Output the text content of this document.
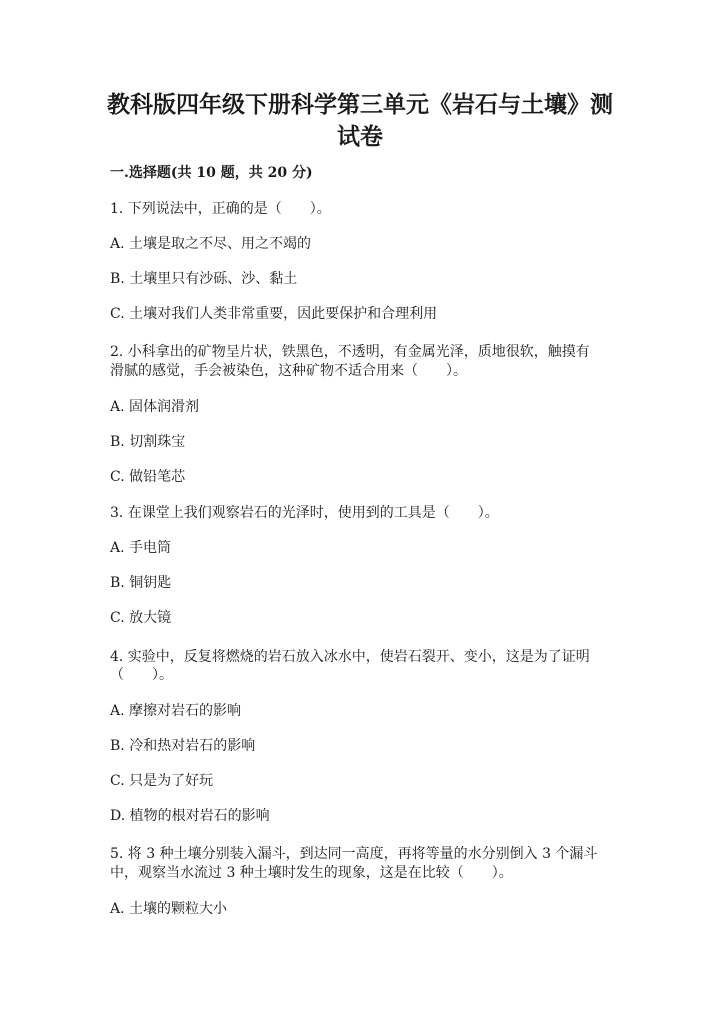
教科版四年级下册科学第三单元《岩石与土壤》测
试卷

一.选择题(共 10 题，共 20 分)

1. 下列说法中，正确的是（　　）。

A. 土壤是取之不尽、用之不竭的

B. 土壤里只有沙砾、沙、黏土

C. 土壤对我们人类非常重要，因此要保护和合理利用

2. 小科拿出的矿物呈片状，铁黑色，不透明，有金属光泽，质地很软，触摸有

滑腻的感觉，手会被染色，这种矿物不适合用来（　　）。

A. 固体润滑剂

B. 切割珠宝

C. 做铅笔芯

3. 在课堂上我们观察岩石的光泽时，使用到的工具是（　　）。

A. 手电筒

B. 铜钥匙

C. 放大镜

4. 实验中，反复将燃烧的岩石放入冰水中，使岩石裂开、变小，这是为了证明

（　　）。

A. 摩擦对岩石的影响

B. 冷和热对岩石的影响

C. 只是为了好玩

D. 植物的根对岩石的影响

5. 将 3 种土壤分别装入漏斗，到达同一高度，再将等量的水分别倒入 3 个漏斗

中，观察当水流过 3 种土壤时发生的现象，这是在比较（　　）。

A. 土壤的颗粒大小
